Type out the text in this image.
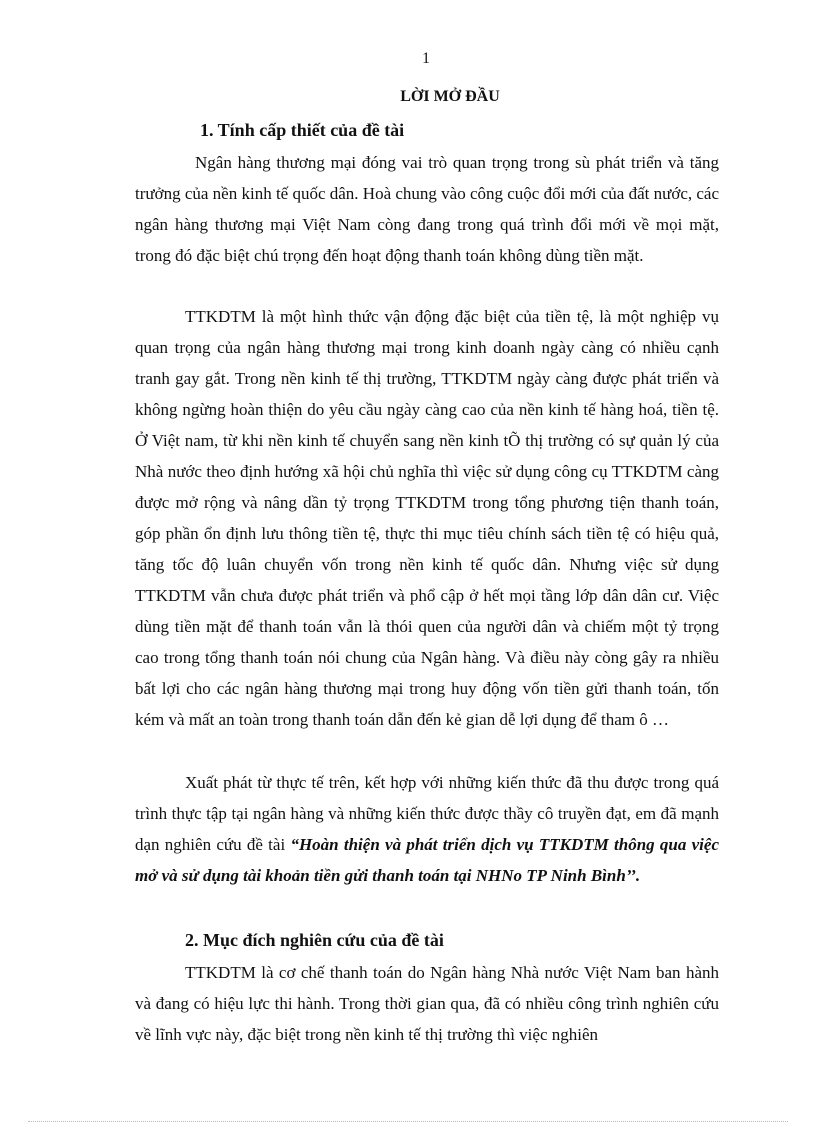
1
LỜI MỞ ĐẦU
1. Tính cấp thiết của đề tài

Ngân hàng thương mại đóng vai trò quan trọng trong sù phát triển và tăng trưởng của nền kinh tế quốc dân. Hoà chung vào công cuộc đổi mới của đất nước, các ngân hàng thương mại Việt Nam còng đang trong quá trình đổi mới về mọi mặt, trong đó đặc biệt chú trọng đến hoạt động thanh toán không dùng tiền mặt.

TTKDTM là một hình thức vận động đặc biệt của tiền tệ, là một nghiệp vụ quan trọng của ngân hàng thương mại trong kinh doanh ngày càng có nhiều cạnh tranh gay gắt. Trong nền kinh tế thị trường, TTKDTM ngày càng được phát triển và không ngừng hoàn thiện do yêu cầu ngày càng cao của nền kinh tế hàng hoá, tiền tệ. Ở Việt nam, từ khi nền kinh tế chuyển sang nền kinh tÕ thị trường có sự quản lý của Nhà nước theo định hướng xã hội chủ nghĩa thì việc sử dụng công cụ TTKDTM càng được mở rộng và nâng dần tỷ trọng TTKDTM trong tổng phương tiện thanh toán, góp phần ổn định lưu thông tiền tệ, thực thi mục tiêu chính sách tiền tệ có hiệu quả, tăng tốc độ luân chuyển vốn trong nền kinh tế quốc dân. Nhưng việc sử dụng TTKDTM vẫn chưa được phát triển và phổ cập ở hết mọi tầng lớp dân dân cư. Việc dùng tiền mặt để thanh toán vẫn là thói quen của người dân và chiếm một tỷ trọng cao trong tổng thanh toán nói chung của Ngân hàng. Và điều này còng gây ra nhiều bất lợi cho các ngân hàng thương mại trong huy động vốn tiền gửi thanh toán, tốn kém và mất an toàn trong thanh toán dẫn đến kẻ gian dễ lợi dụng để tham ô …

Xuất phát từ thực tế trên, kết hợp với những kiến thức đã thu được trong quá trình thực tập tại ngân hàng và những kiến thức được thầy cô truyền đạt, em đã mạnh dạn nghiên cứu đề tài “Hoàn thiện và phát triển dịch vụ TTKDTM thông qua việc mở và sử dụng tài khoản tiền gửi thanh toán tại NHNo TP Ninh Bình’’.

2. Mục đích nghiên cứu của đề tài

TTKDTM là cơ chế thanh toán do Ngân hàng Nhà nước Việt Nam ban hành và đang có hiệu lực thi hành. Trong thời gian qua, đã có nhiều công trình nghiên cứu về lĩnh vực này, đặc biệt trong nền kinh tế thị trường thì việc nghiên
